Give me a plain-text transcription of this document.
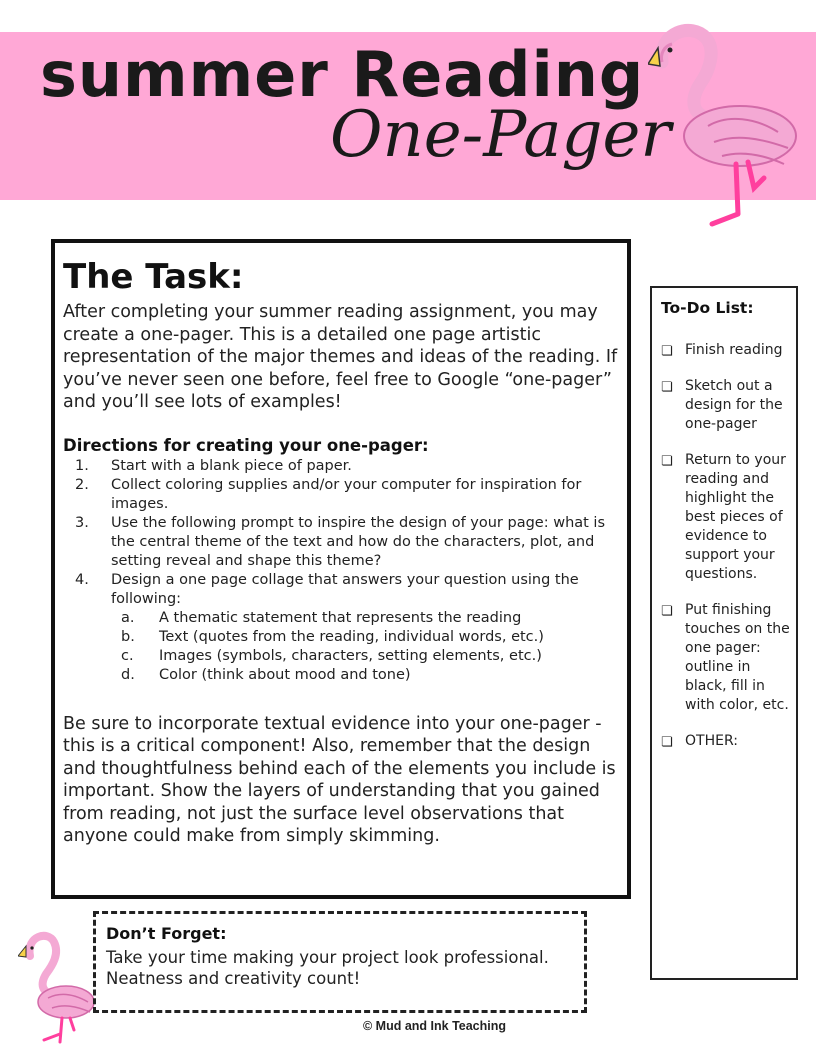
summer Reading
One-Pager
The Task:

After completing your summer reading assignment, you may create a one-pager. This is a detailed one page artistic representation of the major themes and ideas of the reading. If you’ve never seen one before, feel free to Google “one-pager” and you’ll see lots of examples!

Directions for creating your one-pager:
1. Start with a blank piece of paper.
2. Collect coloring supplies and/or your computer for inspiration for images.
3. Use the following prompt to inspire the design of your page: what is the central theme of the text and how do the characters, plot, and setting reveal and shape this theme?
4. Design a one page collage that answers your question using the following:
a. A thematic statement that represents the reading
b. Text (quotes from the reading, individual words, etc.)
c. Images (symbols, characters, setting elements, etc.)
d. Color (think about mood and tone)

Be sure to incorporate textual evidence into your one-pager - this is a critical component! Also, remember that the design and thoughtfulness behind each of the elements you include is important. Show the layers of understanding that you gained from reading, not just the surface level observations that anyone could make from simply skimming.

To-Do List:
❏ Finish reading
❏ Sketch out a design for the one-pager
❏ Return to your reading and highlight the best pieces of evidence to support your questions.
❏ Put finishing touches on the one pager: outline in black, fill in with color, etc.
❏ OTHER:
Don’t Forget:

Take your time making your project look professional. Neatness and creativity count!

© Mud and Ink Teaching
